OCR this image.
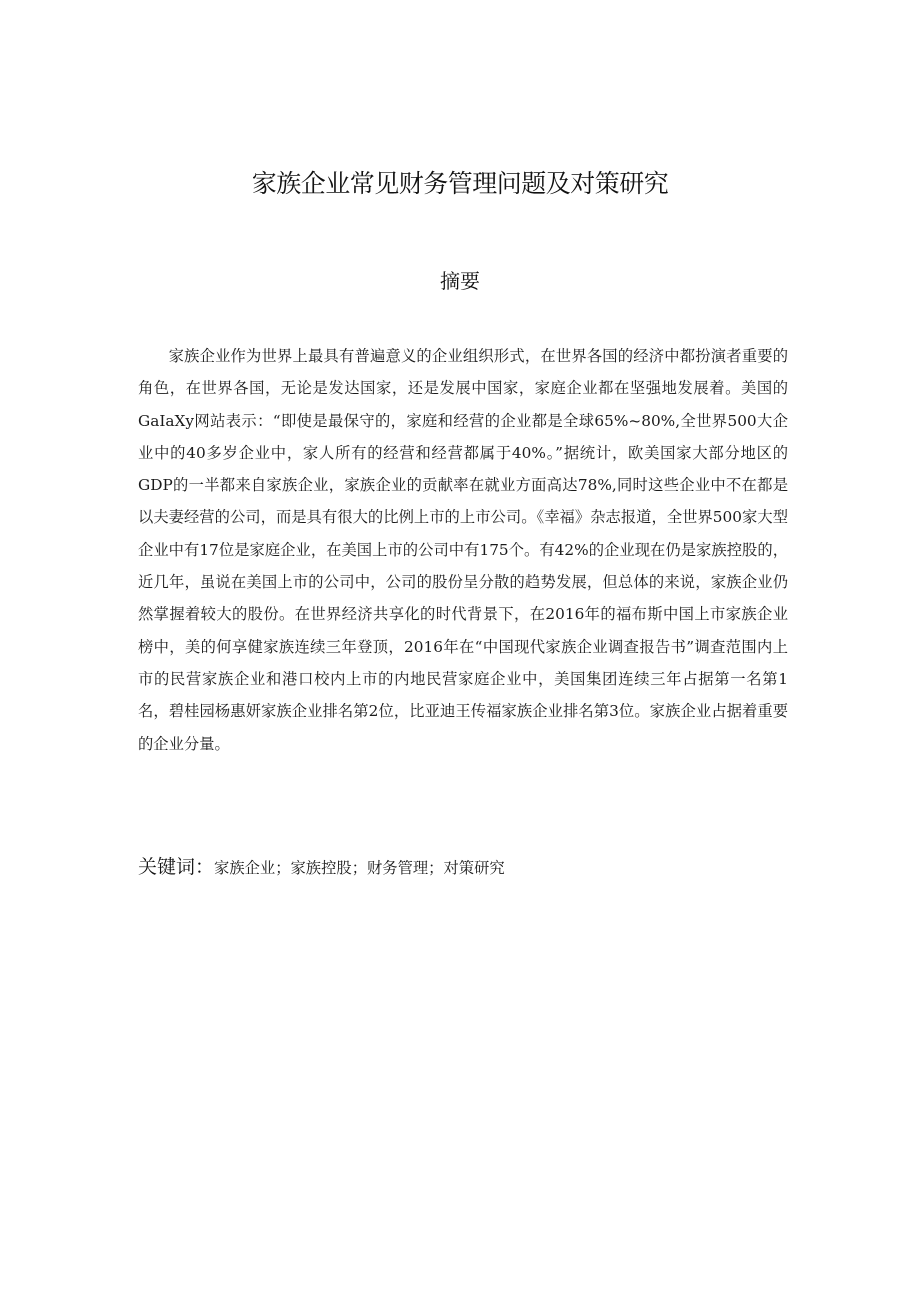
家族企业常见财务管理问题及对策研究
摘要

家族企业作为世界上最具有普遍意义的企业组织形式，在世界各国的经济中都扮演者重要的角色，在世界各国，无论是发达国家，还是发展中国家，家庭企业都在坚强地发展着。美国的GaIaXy网站表示：“即使是最保守的，家庭和经营的企业都是全球65%~80%,全世界500大企业中的40多岁企业中，家人所有的经营和经营都属于40%。”据统计，欧美国家大部分地区的GDP的一半都来自家族企业，家族企业的贡献率在就业方面高达78%,同时这些企业中不在都是以夫妻经营的公司，而是具有很大的比例上市的上市公司。《幸福》杂志报道，全世界500家大型企业中有17位是家庭企业，在美国上市的公司中有175个。有42%的企业现在仍是家族控股的，近几年，虽说在美国上市的公司中，公司的股份呈分散的趋势发展，但总体的来说，家族企业仍然掌握着较大的股份。在世界经济共享化的时代背景下，在2016年的福布斯中国上市家族企业榜中，美的何享健家族连续三年登顶，2016年在“中国现代家族企业调查报告书”调查范围内上市的民营家族企业和港口校内上市的内地民营家庭企业中，美国集团连续三年占据第一名第1名，碧桂园杨惠妍家族企业排名第2位，比亚迪王传福家族企业排名第3位。家族企业占据着重要的企业分量。

关键词：家族企业；家族控股；财务管理；对策研究
